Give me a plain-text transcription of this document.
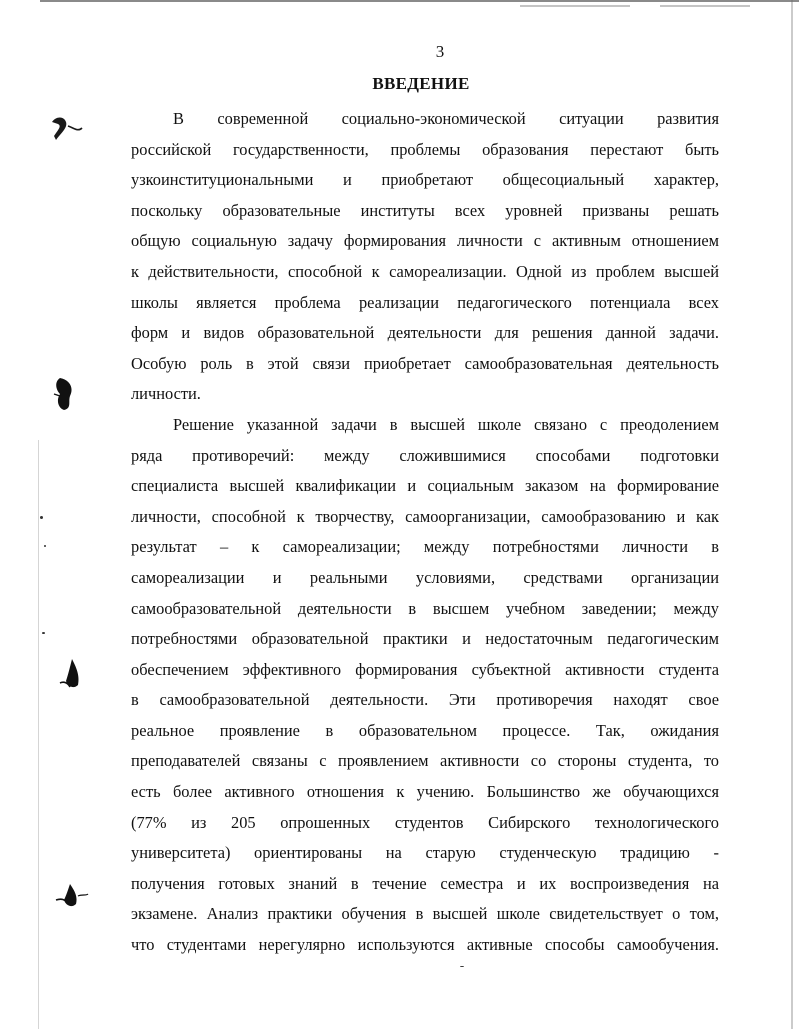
3
ВВЕДЕНИЕ
В современной социально-экономической ситуации развития
российской государственности, проблемы образования перестают быть
узкоинституциональными и приобретают общесоциальный характер,
поскольку образовательные институты всех уровней призваны решать
общую социальную задачу формирования личности с активным отношением
к действительности, способной к самореализации. Одной из проблем высшей
школы является проблема реализации педагогического потенциала всех
форм и видов образовательной деятельности для решения данной задачи.
Особую роль в этой связи приобретает самообразовательная деятельность
личности.
Решение указанной задачи в высшей школе связано с преодолением
ряда противоречий: между сложившимися способами подготовки
специалиста высшей квалификации и социальным заказом на формирование
личности, способной к творчеству, самоорганизации, самообразованию и как
результат – к самореализации; между потребностями личности в
самореализации и реальными условиями, средствами организации
самообразовательной деятельности в высшем учебном заведении; между
потребностями образовательной практики и недостаточным педагогическим
обеспечением эффективного формирования субъектной активности студента
в самообразовательной деятельности. Эти противоречия находят свое
реальное проявление в образовательном процессе. Так, ожидания
преподавателей связаны с проявлением активности со стороны студента, то
есть более активного отношения к учению. Большинство же обучающихся
(77% из 205 опрошенных студентов Сибирского технологического
университета) ориентированы на старую студенческую традицию -
получения готовых знаний в течение семестра и их воспроизведения на
экзамене. Анализ практики обучения в высшей школе свидетельствует о том,
что студентами нерегулярно используются активные способы самообучения.
